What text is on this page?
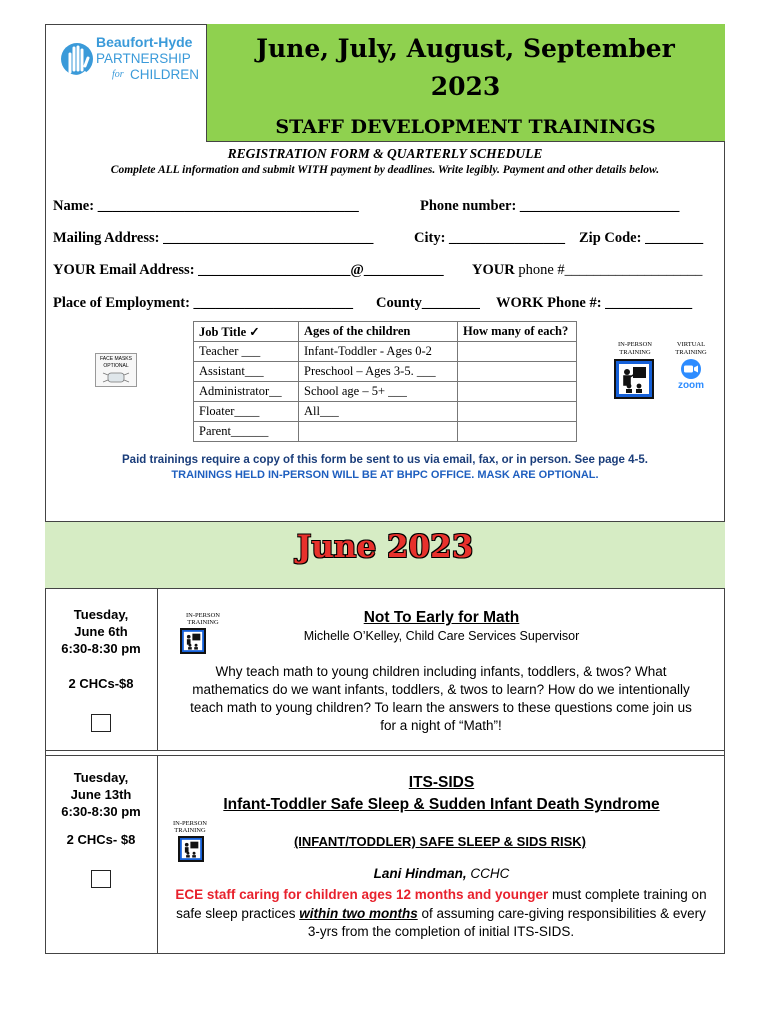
Beaufort-Hyde
PARTNERSHIP
for CHILDREN
June, July, August, September
2023
STAFF DEVELOPMENT TRAININGS
REGISTRATION FORM & QUARTERLY SCHEDULE
Complete ALL information and submit WITH payment by deadlines. Write legibly. Payment and other details below.
Name: ____________________________________	Phone number: ______________________
Mailing Address: _____________________________	City: ________________ Zip Code: ________
YOUR Email Address: _____________________@___________ YOUR phone #___________________
Place of Employment: ______________________ County________ WORK Phone #: ____________
FACE MASKS
OPTIONAL
Job Title ✓	Ages of the children	How many of each?
Teacher ___	Infant-Toddler - Ages 0-2	
Assistant___	Preschool – Ages 3-5. ___	
Administrator__	School age – 5+ ___	
Floater____	All___	
Parent______		
IN-PERSON
TRAINING
VIRTUAL
TRAINING
zoom
Paid trainings require a copy of this form be sent to us via email, fax, or in person. See page 4-5.
TRAININGS HELD IN-PERSON WILL BE AT BHPC OFFICE. MASK ARE OPTIONAL.
June 2023
Tuesday,
June 6th
6:30-8:30 pm
2 CHCs-$8
IN-PERSON
TRAINING	Not To Early for Math
Michelle O’Kelley, Child Care Services Supervisor
Why teach math to young children including infants, toddlers, & twos? What mathematics do we want infants, toddlers, & twos to learn? How do we intentionally teach math to young children? To learn the answers to these questions come join us for a night of “Math”!
Tuesday,
June 13th
6:30-8:30 pm
2 CHCs- $8
ITS-SIDS
Infant-Toddler Safe Sleep & Sudden Infant Death Syndrome
IN-PERSON
TRAINING
(INFANT/TODDLER) SAFE SLEEP & SIDS RISK)
Lani Hindman, CCHC
ECE staff caring for children ages 12 months and younger must complete training on safe sleep practices within two months of assuming care-giving responsibilities & every 3-yrs from the completion of initial ITS-SIDS.
